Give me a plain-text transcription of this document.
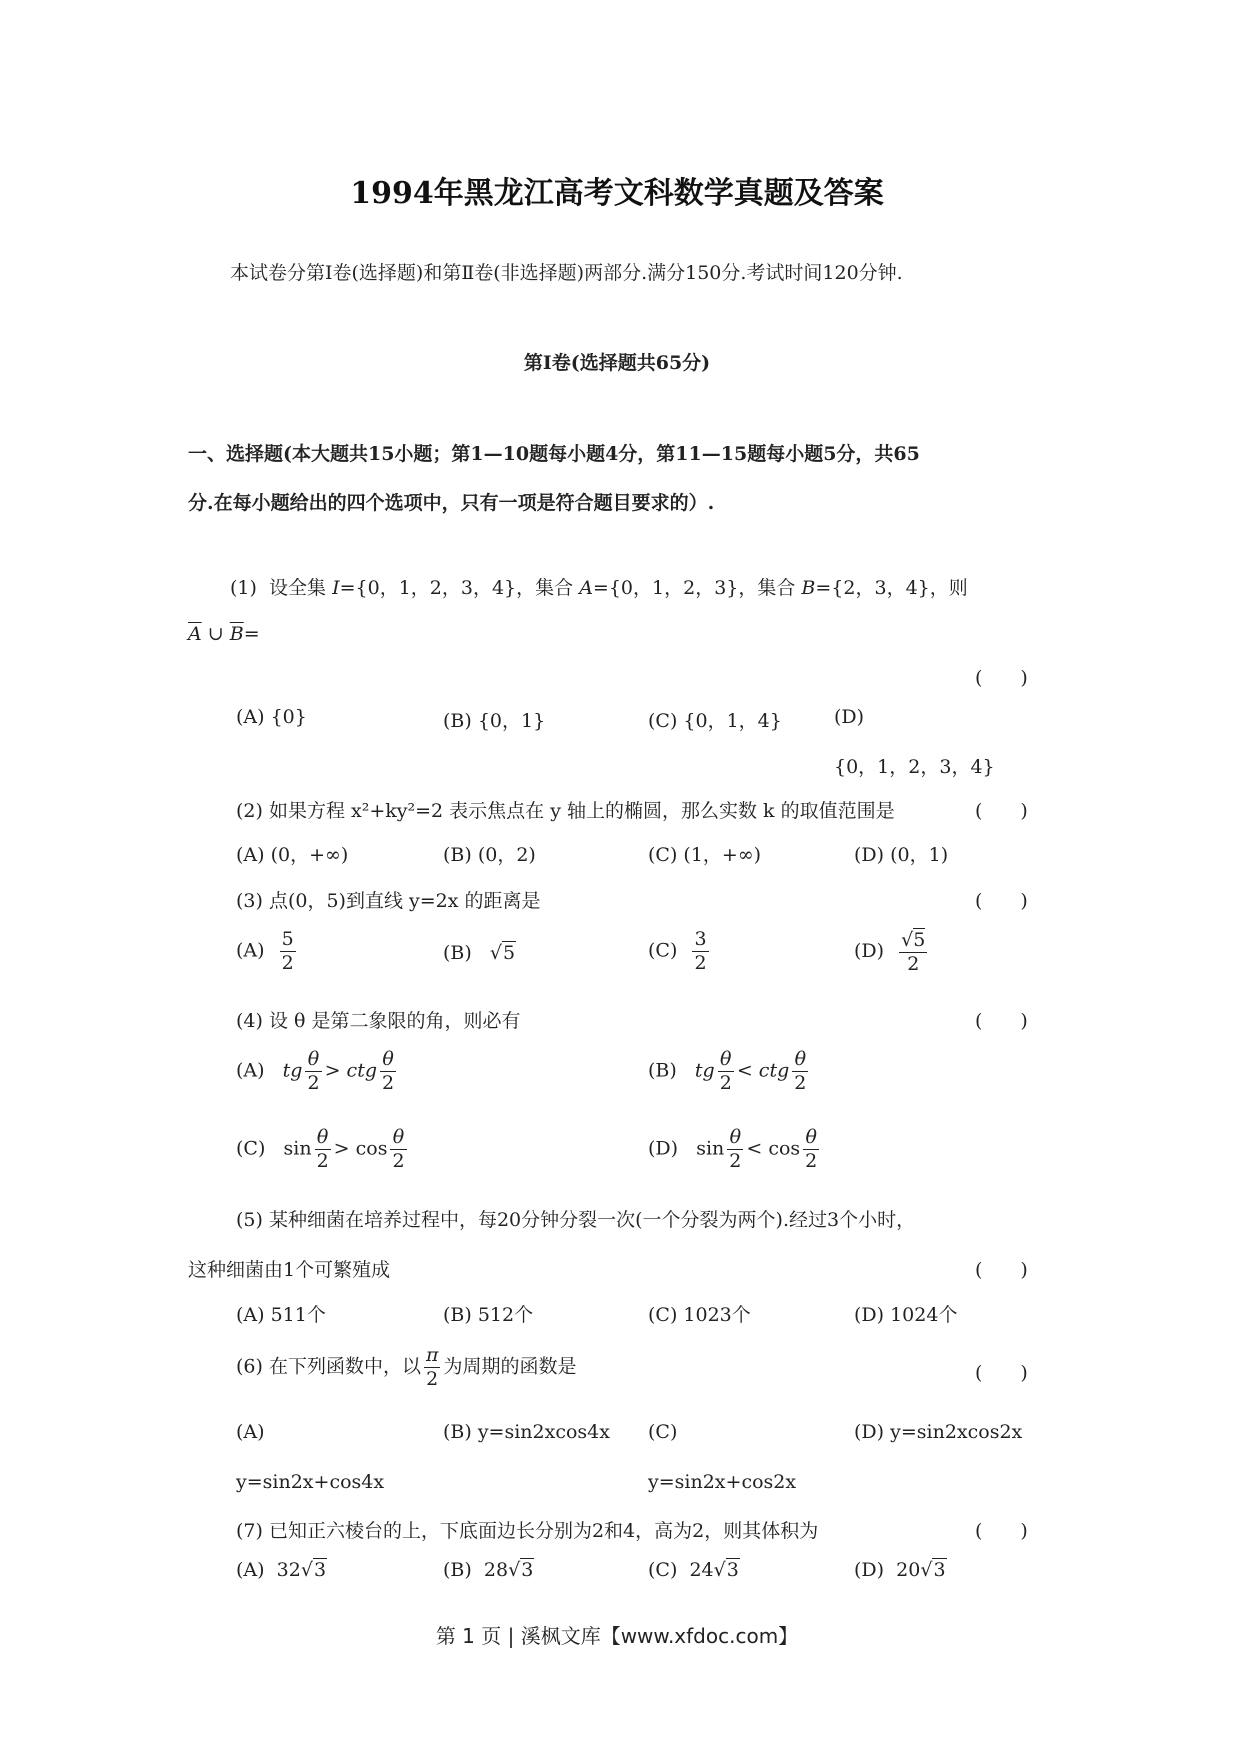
1994年黑龙江高考文科数学真题及答案
本试卷分第Ⅰ卷(选择题)和第Ⅱ卷(非选择题)两部分.满分150分.考试时间120分钟.
第Ⅰ卷(选择题共65分)
一、选择题(本大题共15小题；第1—10题每小题4分，第11—15题每小题5分，共65
分.在每小题给出的四个选项中，只有一项是符合题目要求的）.
(1) 设全集 I={0，1，2，3，4}，集合 A={0，1，2，3}，集合 B={2，3，4}，则
$\overline{A}$ ∪ $\overline{B}=$
(　　)
(A) {0}	(B) {0，1}	(C) {0，1，4}	(D)
{0，1，2，3，4}
(2) 如果方程 x²+ky²=2 表示焦点在 y 轴上的椭圆，那么实数 k 的取值范围是	(　　)
(A) (0，+∞)	(B) (0，2)	(C) (1，+∞)	(D) (0，1)
(3) 点(0，5)到直线 y=2x 的距离是	(　　)
$(A) \frac{5}{2}$	(B) √5	$(C) \frac{3}{2}$	$(D) \frac{√5}{2}$
(4) 设 θ 是第二象限的角，则必有	(　　)
(A) tg $\frac{\theta}{2}$ > ctg $\frac{\theta}{2}$	(B) tg $\frac{\theta}{2}$ < ctg $\frac{\theta}{2}$
(C) $\sin \frac{\theta}{2} > \cos \frac{\theta}{2}$	(D) $\sin \frac{\theta}{2} < \cos \frac{\theta}{2}$
(5) 某种细菌在培养过程中，每20分钟分裂一次(一个分裂为两个).经过3个小时，
这种细菌由1个可繁殖成	(　　)
(A) 511个	(B) 512个	(C) 1023个	(D) 1024个
(6) 在下列函数中，以 $\frac{\pi}{2}$ 为周期的函数是	(　　)
(A)	(B) y=sin2xcos4x (C)	(D) y=sin2xcos2x
y=sin2x+cos4x	y=sin2x+cos2x
(7) 已知正六棱台的上，下底面边长分别为2和4，高为2，则其体积为	(　　)
(A) 32√3	(B) 28√3	(C) 24√3	(D) 20√3
第 1 页 | 溪枫文库【www.xfdoc.com】
